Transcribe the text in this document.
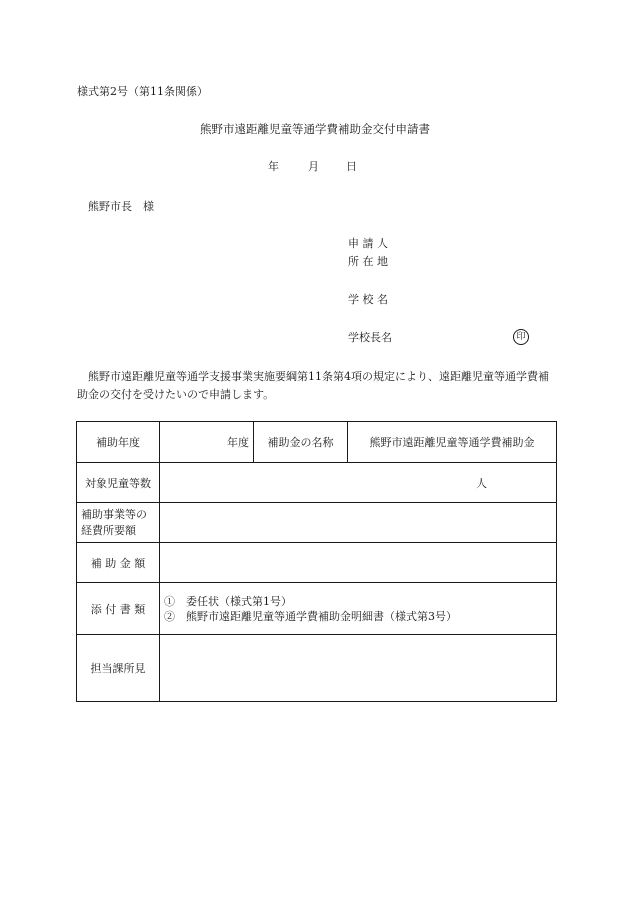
様式第2号（第11条関係）
熊野市遠距離児童等通学費補助金交付申請書
年	月 日
熊野市長　様
申 請 人
所 在 地
学 校 名
学校長名	印
熊野市遠距離児童等通学支援事業実施要綱第11条第4項の規定により、遠距離児童等通学費補助金の交付を受けたいので申請します。
補助年度	年度	補助金の名称	熊野市遠距離児童等通学費補助金
対象児童等数	人		
補助事業等の
経費所要額			
補 助 金 額			
添 付 書 類	①　委任状（様式第1号）
②　熊野市遠距離児童等通学費補助金明細書（様式第3号）		

担当課所見			
